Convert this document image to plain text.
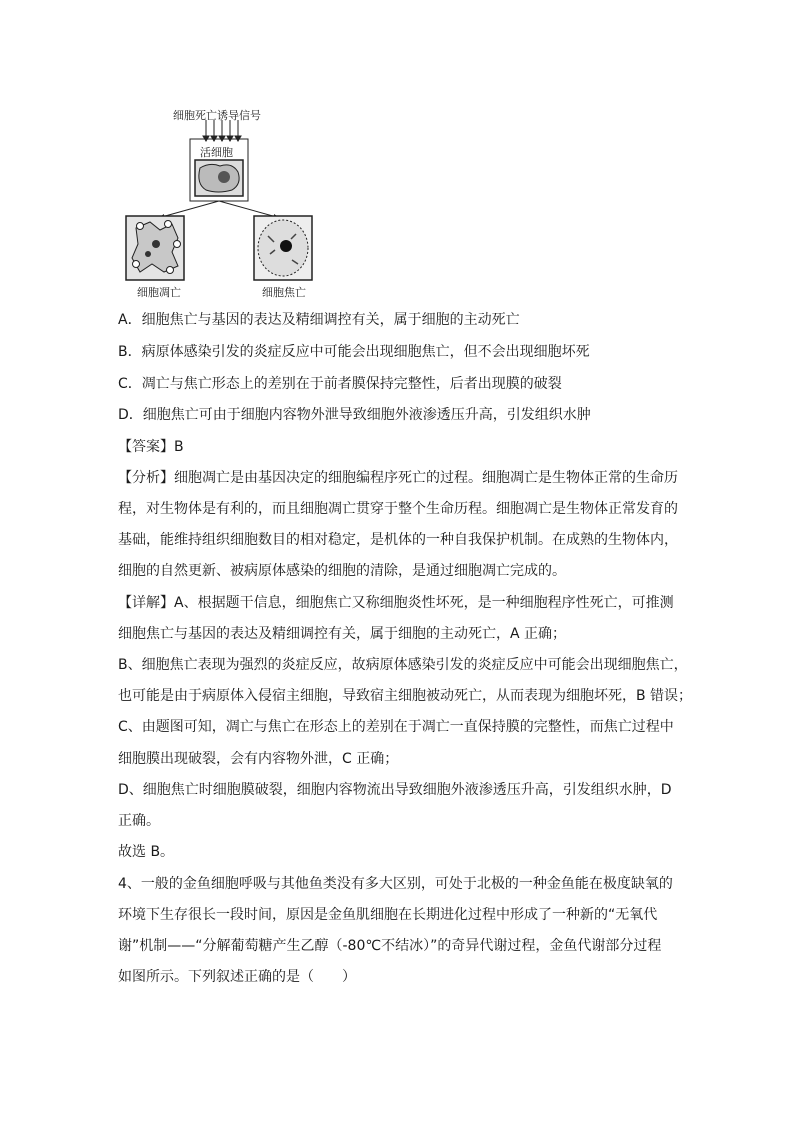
细胞死亡诱导信号
活细胞
细胞凋亡	细胞焦亡
A．细胞焦亡与基因的表达及精细调控有关，属于细胞的主动死亡
B．病原体感染引发的炎症反应中可能会出现细胞焦亡，但不会出现细胞坏死
C．凋亡与焦亡形态上的差别在于前者膜保持完整性，后者出现膜的破裂
D．细胞焦亡可由于细胞内容物外泄导致细胞外液渗透压升高，引发组织水肿
【答案】B
【分析】细胞凋亡是由基因决定的细胞编程序死亡的过程。细胞凋亡是生物体正常的生命历
程，对生物体是有利的，而且细胞凋亡贯穿于整个生命历程。细胞凋亡是生物体正常发育的
基础，能维持组织细胞数目的相对稳定，是机体的一种自我保护机制。在成熟的生物体内，
细胞的自然更新、被病原体感染的细胞的清除，是通过细胞凋亡完成的。
【详解】A、根据题干信息，细胞焦亡又称细胞炎性坏死，是一种细胞程序性死亡，可推测
细胞焦亡与基因的表达及精细调控有关，属于细胞的主动死亡，A 正确；
B、细胞焦亡表现为强烈的炎症反应，故病原体感染引发的炎症反应中可能会出现细胞焦亡，
也可能是由于病原体入侵宿主细胞，导致宿主细胞被动死亡，从而表现为细胞坏死，B 错误；
C、由题图可知，凋亡与焦亡在形态上的差别在于凋亡一直保持膜的完整性，而焦亡过程中
细胞膜出现破裂，会有内容物外泄，C 正确；
D、细胞焦亡时细胞膜破裂，细胞内容物流出导致细胞外液渗透压升高，引发组织水肿，D
正确。
故选 B。
4、一般的金鱼细胞呼吸与其他鱼类没有多大区别，可处于北极的一种金鱼能在极度缺氧的
环境下生存很长一段时间，原因是金鱼肌细胞在长期进化过程中形成了一种新的“无氧代
谢”机制——“分解葡萄糖产生乙醇（-80℃不结冰）”的奇异代谢过程，金鱼代谢部分过程
如图所示。下列叙述正确的是（　　）
